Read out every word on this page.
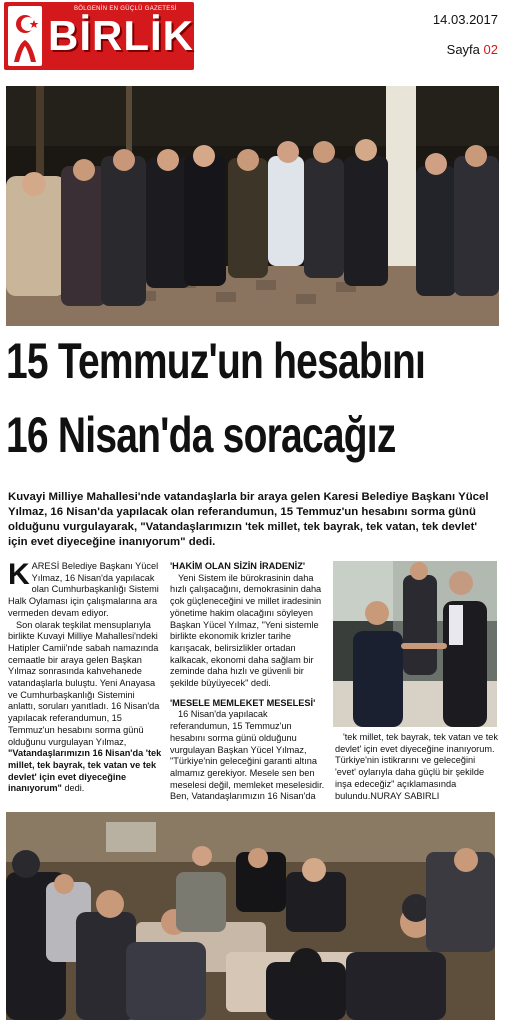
BÖLGENİN EN GÜÇLÜ GAZETESİ
BİRLİK	14.03.2017
Sayfa 02
15 Temmuz'un hesabını
16 Nisan'da soracağız
Kuvayi Milliye Mahallesi'nde vatandaşlarla bir araya gelen Karesi Belediye Başkanı Yücel Yılmaz, 16 Nisan'da yapılacak olan referandumun, 15 Temmuz'un hesabını sorma günü olduğunu vurgulayarak, "Vatandaşlarımızın 'tek millet, tek bayrak, tek vatan, tek devlet' için evet diyeceğine inanıyorum" dedi.

KARESİ Belediye Başkanı Yücel Yılmaz, 16 Nisan'da yapılacak olan Cumhurbaşkanlığı Sistemi Halk Oylaması için çalışmalarına ara vermeden devam ediyor.

Son olarak teşkilat mensuplarıyla birlikte Kuvayi Milliye Mahallesi'ndeki Hatipler Camii'nde sabah namazında cemaatle bir araya gelen Başkan Yılmaz sonrasında kahvehanede vatandaşlarla buluştu. Yeni Anayasa ve Cumhurbaşkanlığı Sistemini anlattı, soruları yanıtladı. 16 Nisan'da yapılacak referandumun, 15 Temmuz'un hesabını sorma günü olduğunu vurgulayan Yılmaz, "Vatandaşlarımızın 16 Nisan'da 'tek millet, tek bayrak, tek vatan ve tek devlet' için evet diyeceğine inanıyorum" dedi.

'HAKİM OLAN SİZİN İRADENİZ'

Yeni Sistem ile bürokrasinin daha hızlı çalışacağını, demokrasinin daha çok güçleneceğini ve millet iradesinin yönetime hakim olacağını söyleyen Başkan Yücel Yılmaz, "Yeni sistemle birlikte ekonomik krizler tarihe karışacak, belirsizlikler ortadan kalkacak, ekonomi daha sağlam bir zeminde daha hızlı ve güvenli bir şekilde büyüyecek" dedi.

'MESELE MEMLEKET MESELESİ'

16 Nisan'da yapılacak referandumun, 15 Temmuz'un hesabını sorma günü olduğunu vurgulayan Başkan Yücel Yılmaz, "Türkiye'nin geleceğini garanti altına almamız gerekiyor. Mesele sen ben meselesi değil, memleket meselesidir. Ben, Vatandaşlarımızın 16 Nisan'da

'tek millet, tek bayrak, tek vatan ve tek devlet' için evet diyeceğine inanıyorum. Türkiye'nin istikrarını ve geleceğini 'evet' oylarıyla daha güçlü bir şekilde inşa edeceğiz" açıklamasında bulundu.NURAY SABIRLI
